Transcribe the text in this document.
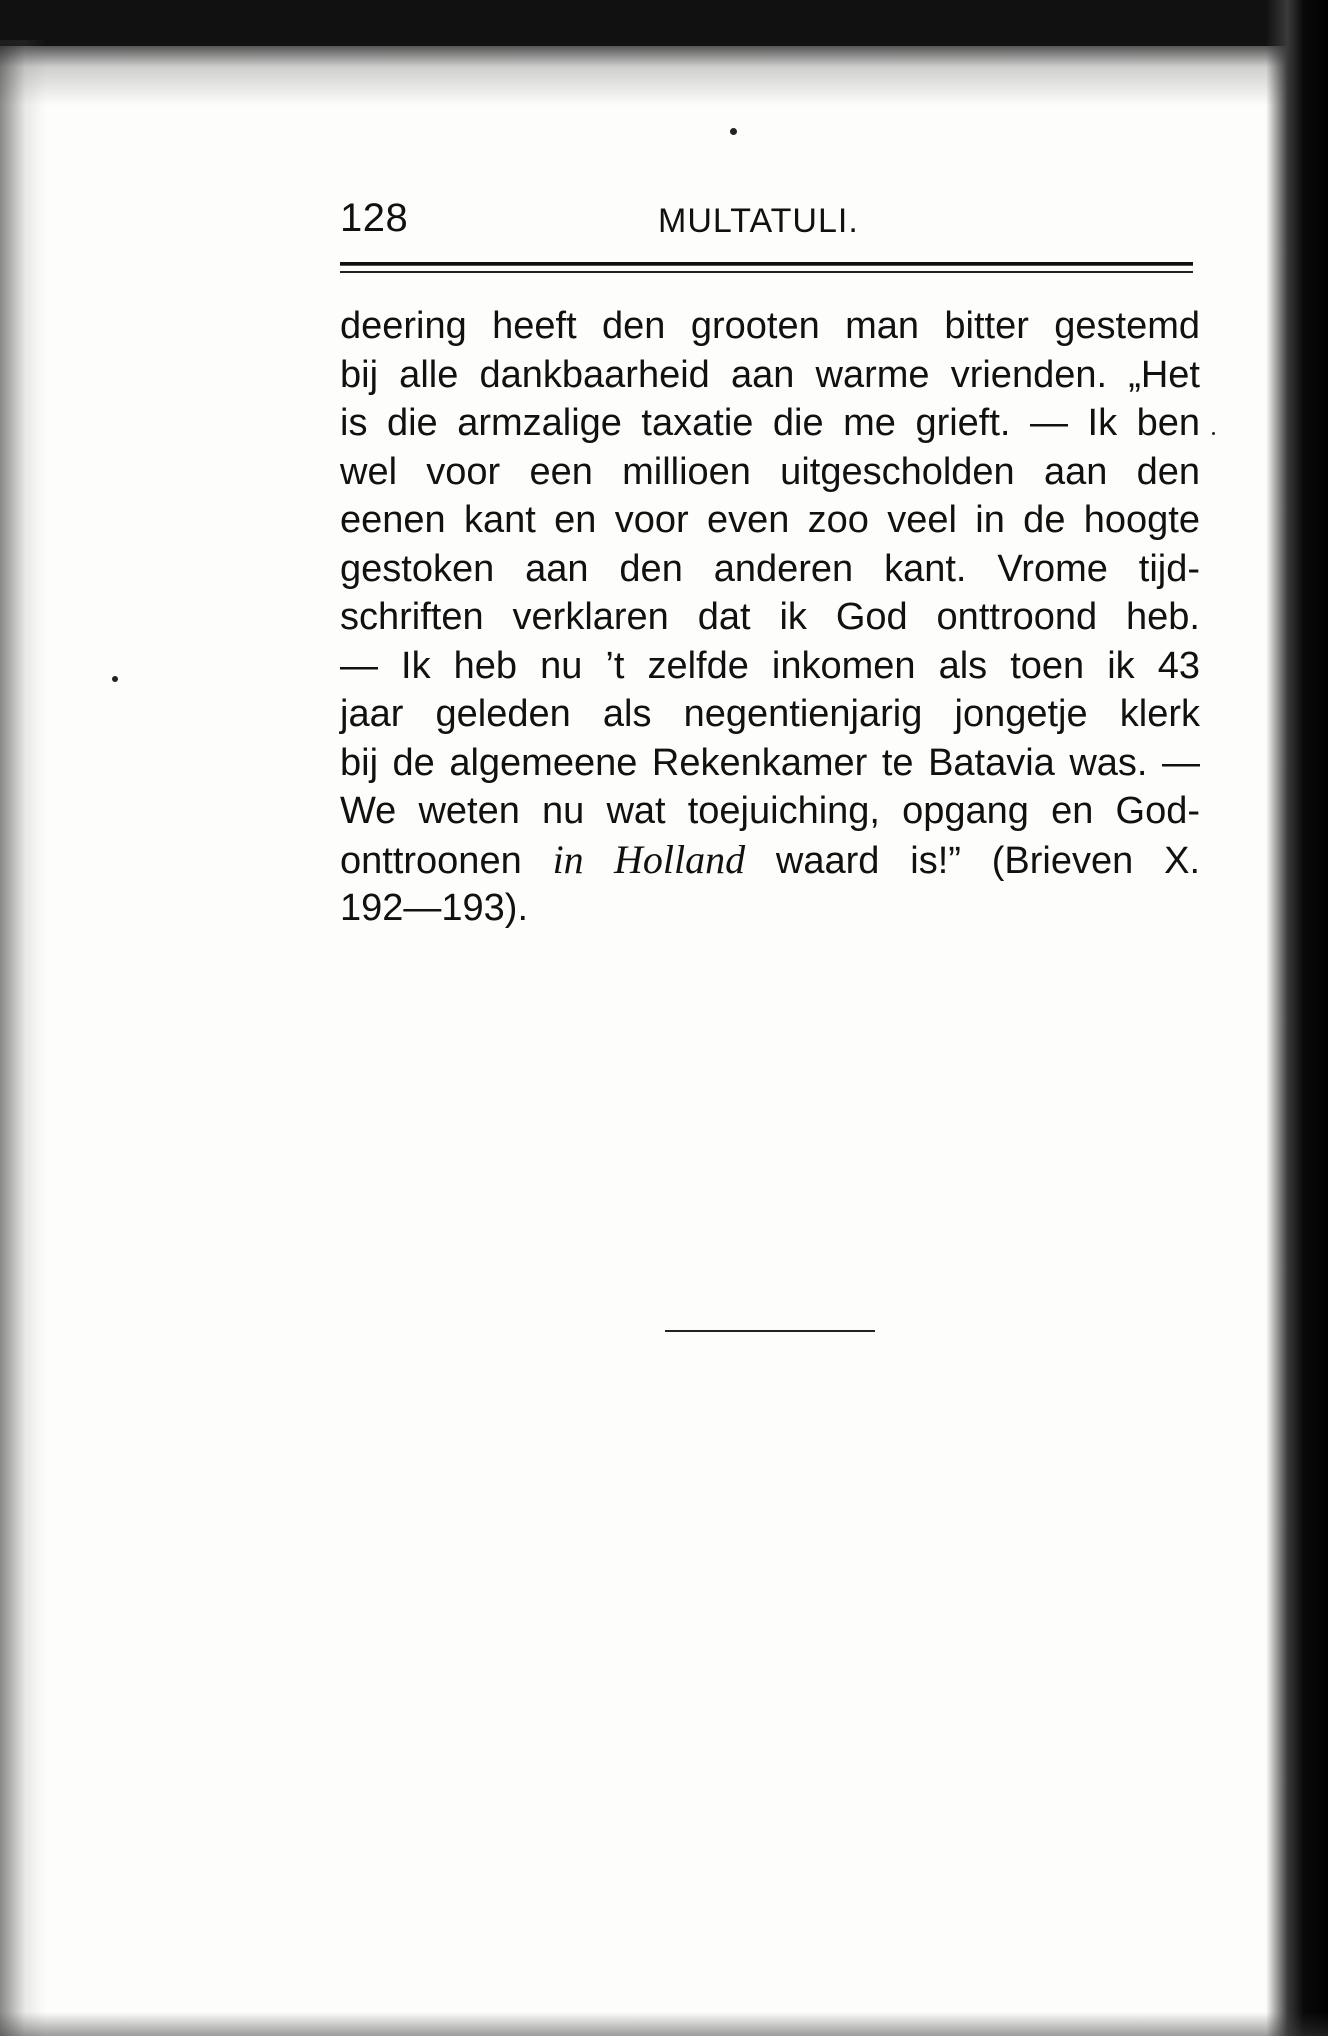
128	MULTATULI.
deering heeft den grooten man bitter gestemd
bij alle dankbaarheid aan warme vrienden. „Het
is die armzalige taxatie die me grieft. — Ik ben
wel voor een millioen uitgescholden aan den
eenen kant en voor even zoo veel in de hoogte
gestoken aan den anderen kant. Vrome tijd-
schriften verklaren dat ik God onttroond heb.
— Ik heb nu ’t zelfde inkomen als toen ik 43
jaar geleden als negentienjarig jongetje klerk
bij de algemeene Rekenkamer te Batavia was. —
We weten nu wat toejuiching, opgang en God-
onttroonen in Holland waard is!” (Brieven X.
192—193).
